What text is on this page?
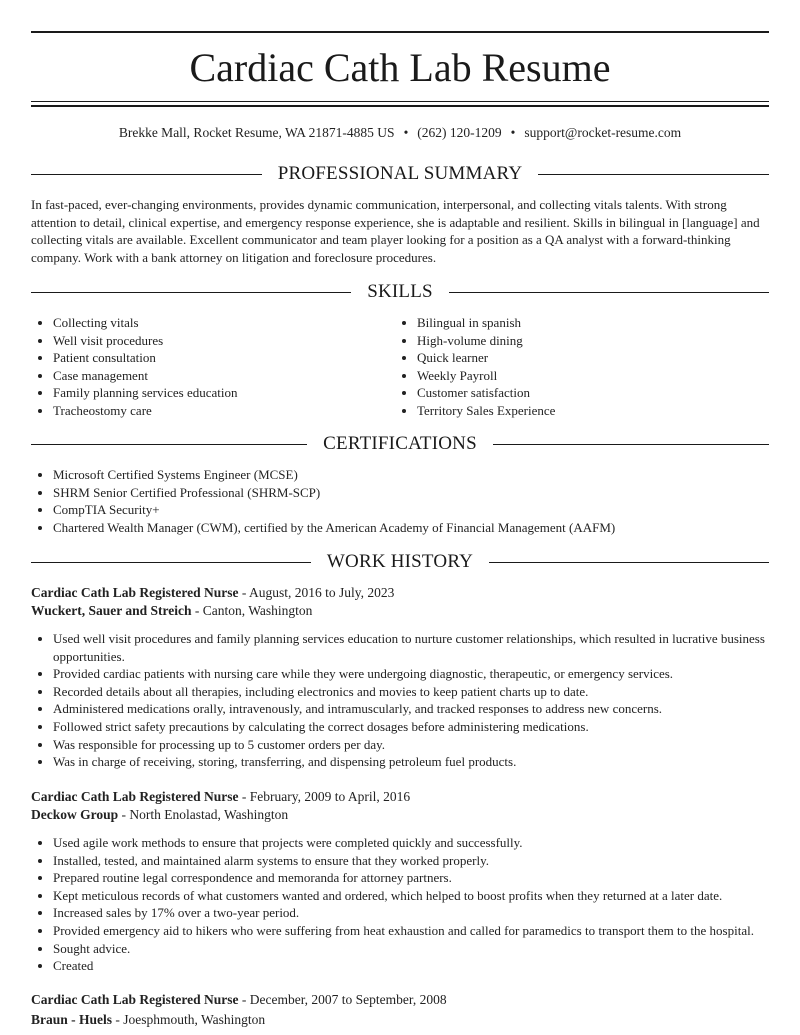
Cardiac Cath Lab Resume
Brekke Mall, Rocket Resume, WA 21871-4885 US • (262) 120-1209 • support@rocket-resume.com
PROFESSIONAL SUMMARY

In fast-paced, ever-changing environments, provides dynamic communication, interpersonal, and collecting vitals talents. With strong attention to detail, clinical expertise, and emergency response experience, she is adaptable and resilient. Skills in bilingual in [language] and collecting vitals are available. Excellent communicator and team player looking for a position as a QA analyst with a forward-thinking company. Work with a bank attorney on litigation and foreclosure procedures.

SKILLS
• Collecting vitals
• Well visit procedures
• Patient consultation
• Case management
• Family planning services education
• Tracheostomy care
• Bilingual in spanish
• High-volume dining
• Quick learner
• Weekly Payroll
• Customer satisfaction
• Territory Sales Experience
CERTIFICATIONS
• Microsoft Certified Systems Engineer (MCSE)
• SHRM Senior Certified Professional (SHRM-SCP)
• CompTIA Security+
• Chartered Wealth Manager (CWM), certified by the American Academy of Financial Management (AAFM)
WORK HISTORY
Cardiac Cath Lab Registered Nurse - August, 2016 to July, 2023
Wuckert, Sauer and Streich - Canton, Washington
• Used well visit procedures and family planning services education to nurture customer relationships, which resulted in lucrative business opportunities.
• Provided cardiac patients with nursing care while they were undergoing diagnostic, therapeutic, or emergency services.
• Recorded details about all therapies, including electronics and movies to keep patient charts up to date.
• Administered medications orally, intravenously, and intramuscularly, and tracked responses to address new concerns.
• Followed strict safety precautions by calculating the correct dosages before administering medications.
• Was responsible for processing up to 5 customer orders per day.
• Was in charge of receiving, storing, transferring, and dispensing petroleum fuel products.
Cardiac Cath Lab Registered Nurse - February, 2009 to April, 2016
Deckow Group - North Enolastad, Washington
• Used agile work methods to ensure that projects were completed quickly and successfully.
• Installed, tested, and maintained alarm systems to ensure that they worked properly.
• Prepared routine legal correspondence and memoranda for attorney partners.
• Kept meticulous records of what customers wanted and ordered, which helped to boost profits when they returned at a later date.
• Increased sales by 17% over a two-year period.
• Provided emergency aid to hikers who were suffering from heat exhaustion and called for paramedics to transport them to the hospital.
• Sought advice.
• Created
Cardiac Cath Lab Registered Nurse - December, 2007 to September, 2008
Braun - Huels - Joesphmouth, Washington
